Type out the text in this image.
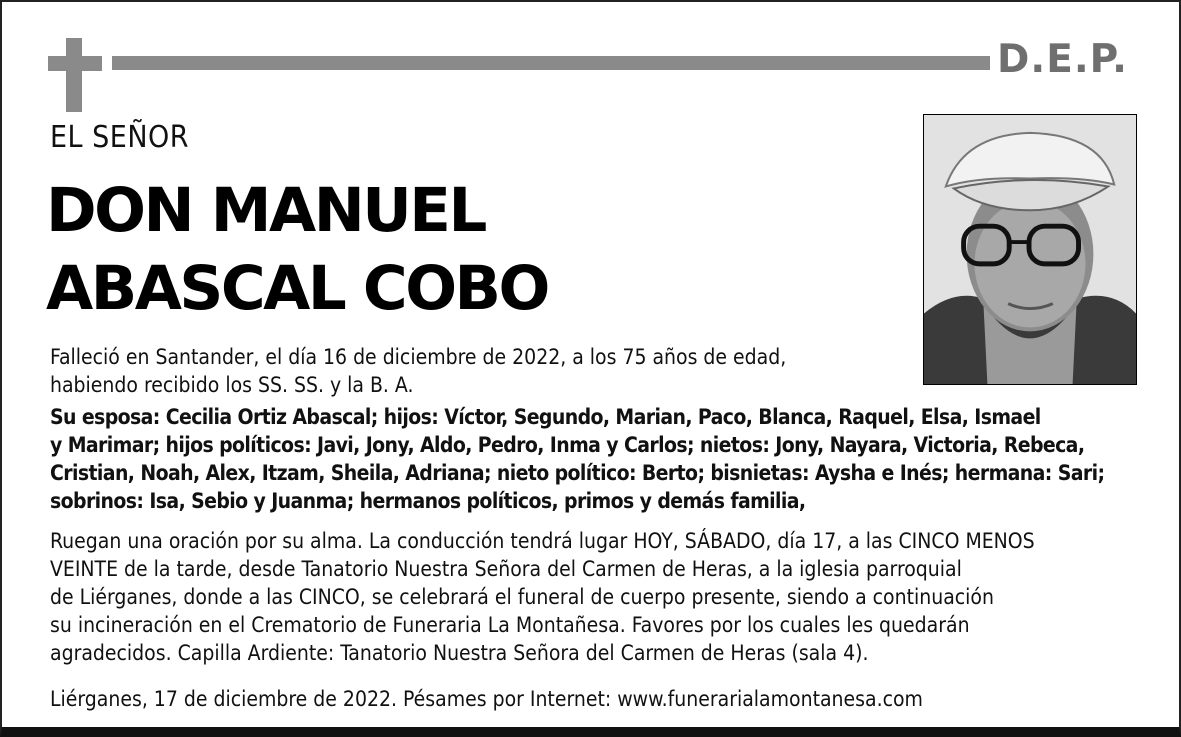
D.E.P.
EL SEÑOR
DON MANUEL
ABASCAL COBO

Falleció en Santander, el día 16 de diciembre de 2022, a los 75 años de edad,
habiendo recibido los SS. SS. y la B. A.

Su esposa: Cecilia Ortiz Abascal; hijos: Víctor, Segundo, Marian, Paco, Blanca, Raquel, Elsa, Ismael
y Marimar; hijos políticos: Javi, Jony, Aldo, Pedro, Inma y Carlos; nietos: Jony, Nayara, Victoria, Rebeca,
Cristian, Noah, Alex, Itzam, Sheila, Adriana; nieto político: Berto; bisnietas: Aysha e Inés; hermana: Sari;
sobrinos: Isa, Sebio y Juanma; hermanos políticos, primos y demás familia,

Ruegan una oración por su alma. La conducción tendrá lugar HOY, SÁBADO, día 17, a las CINCO MENOS
VEINTE de la tarde, desde Tanatorio Nuestra Señora del Carmen de Heras, a la iglesia parroquial
de Liérganes, donde a las CINCO, se celebrará el funeral de cuerpo presente, siendo a continuación
su incineración en el Crematorio de Funeraria La Montañesa. Favores por los cuales les quedarán
agradecidos. Capilla Ardiente: Tanatorio Nuestra Señora del Carmen de Heras (sala 4).

Liérganes, 17 de diciembre de 2022. Pésames por Internet: www.funerarialamontanesa.com
